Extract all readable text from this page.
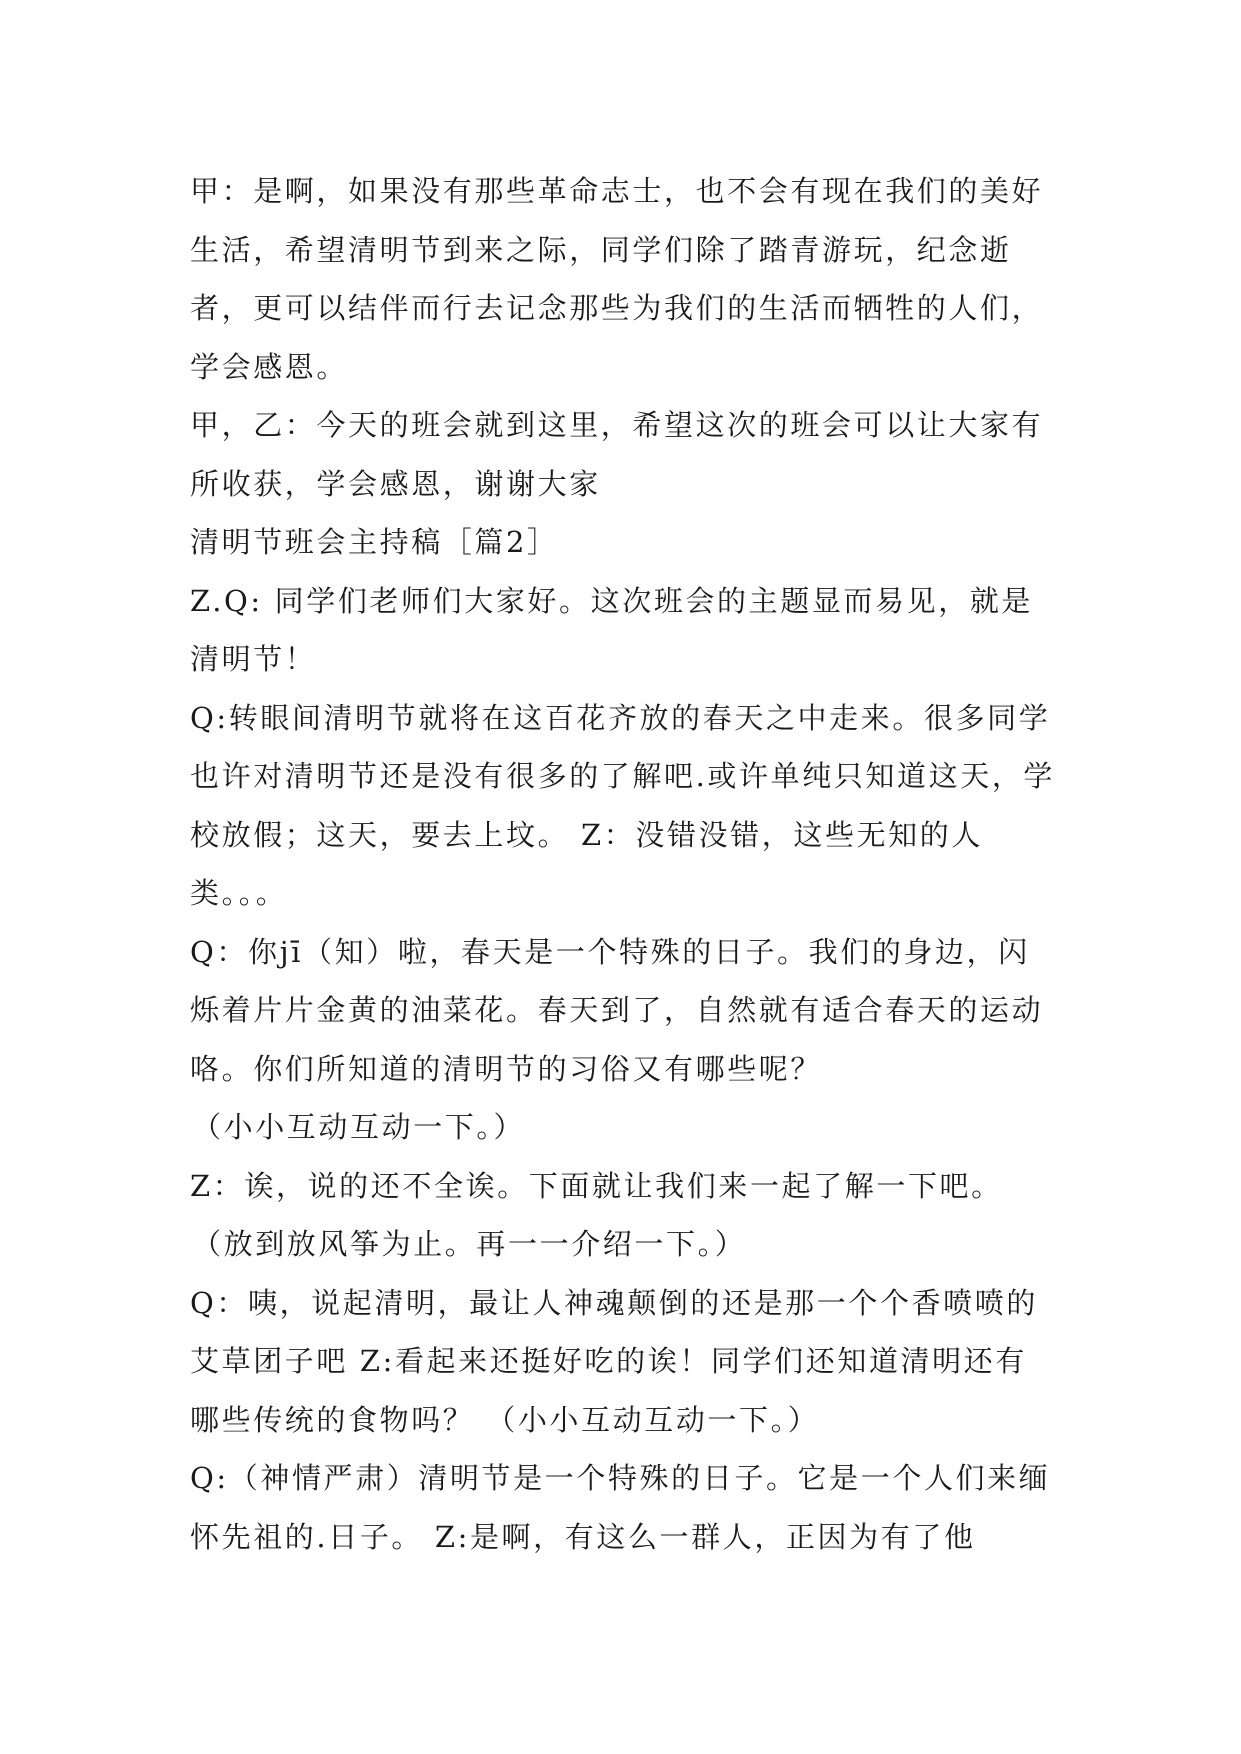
甲：是啊，如果没有那些革命志士，也不会有现在我们的美好生活，希望清明节到来之际，同学们除了踏青游玩，纪念逝者，更可以结伴而行去记念那些为我们的生活而牺牲的人们，学会感恩。

甲，乙：今天的班会就到这里，希望这次的班会可以让大家有所收获，学会感恩，谢谢大家

清明节班会主持稿［篇2］

Z.Q: 同学们老师们大家好。这次班会的主题显而易见，就是清明节！

Q:转眼间清明节就将在这百花齐放的春天之中走来。很多同学也许对清明节还是没有很多的了解吧.或许单纯只知道这天，学校放假；这天，要去上坟。 Z：没错没错，这些无知的人类。。。

Q：你jī（知）啦，春天是一个特殊的日子。我们的身边，闪烁着片片金黄的油菜花。春天到了，自然就有适合春天的运动咯。你们所知道的清明节的习俗又有哪些呢？

（小小互动互动一下。）

Z：诶，说的还不全诶。下面就让我们来一起了解一下吧。

（放到放风筝为止。再一一介绍一下。）

Q：咦，说起清明，最让人神魂颠倒的还是那一个个香喷喷的艾草团子吧 Z:看起来还挺好吃的诶！同学们还知道清明还有哪些传统的食物吗？ （小小互动互动一下。）

Q:（神情严肃）清明节是一个特殊的日子。它是一个人们来缅怀先祖的.日子。 Z:是啊，有这么一群人，正因为有了他
